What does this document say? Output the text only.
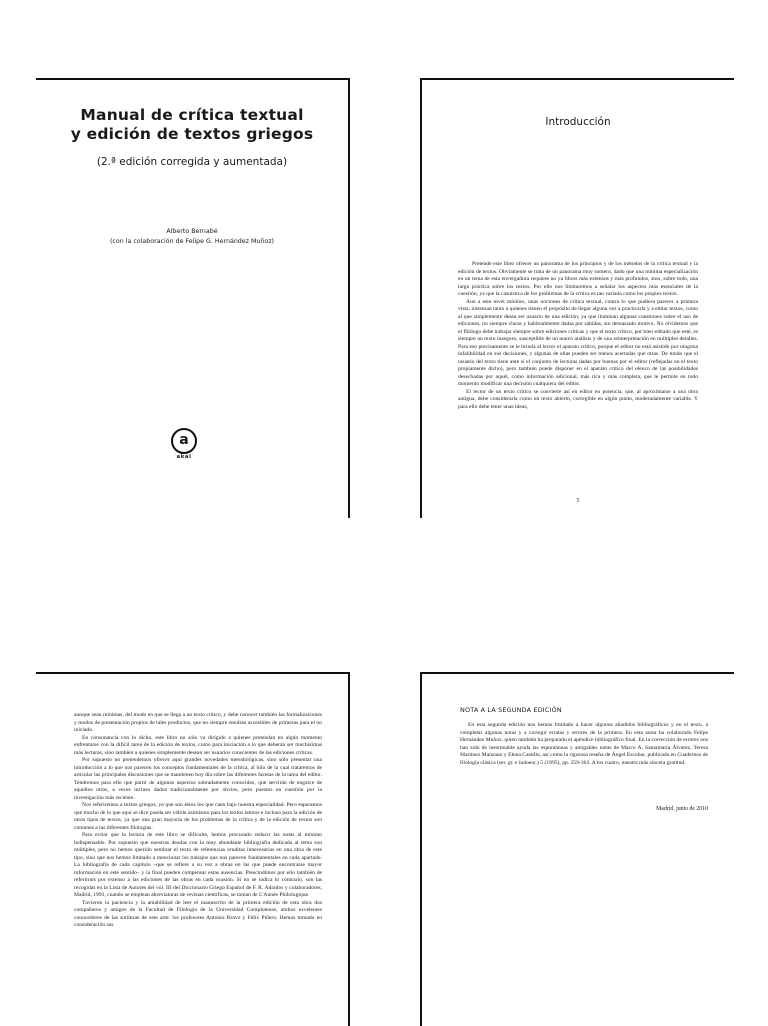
Manual de crítica textual
y edición de textos griegos
(2.ª edición corregida y aumentada)
Alberto Bernabé
(con la colaboración de Felipe G. Hernández Muñoz)
a
akal
Introducción

Pretende este libro ofrecer un panorama de los principios y de los métodos de la crítica textual y la edición de textos. Obviamente se trata de un panorama muy somero, dado que una mínima especialización en un tema de esta envergadura requiere no ya libros más extensos y más profundos, sino, sobre todo, una larga práctica sobre los textos. Por ello nos limitaremos a señalar los aspectos más esenciales de la cuestión, ya que la casuística de los problemas de la crítica es tan variada como los propios textos.

Aun a este nivel mínimo, unas nociones de crítica textual, contra lo que pudiera parecer a primera vista, interesan tanto a quienes tienen el propósito de llegar alguna vez a practicarla y a editar textos, como al que simplemente desea ser usuario de una edición, ya que iluminan algunas cuestiones sobre el uso de ediciones, no siempre claras y habitualmente dadas por sabidas, sin demasiado motivo. No olvidemos que el filólogo debe trabajar siempre sobre ediciones críticas y que el texto crítico, por bien editado que esté, es siempre un texto inseguro, susceptible de un nuevo análisis y de una reinterpretación en múltiples detalles. Para eso precisamente se le brinda al lector el aparato crítico, porque el editor no está asistido por ninguna infalibilidad en sus decisiones, y algunas de ellas pueden ser menos acertadas que otras. De modo que el usuario del texto tiene ante sí el conjunto de lecturas dadas por buenas por el editor (reflejadas en el texto propiamente dicho), pero también puede disponer en el aparato crítico del elenco de las posibilidades desechadas por aquél, como información adicional, más rica y más completa, que le permite en todo momento modificar una decisión cualquiera del editor.

El lector de un texto crítico se convierte así en editor en potencia, que, al aproximarse a una obra antigua, debe considerarla como un texto abierto, corregible en algún punto, moderadamente variable. Y para ello debe tener unas ideas,

5

aunque sean mínimas, del modo en que se llega a un texto crítico, y debe conocer también las formalizaciones y modos de presentación propios de tales productos, que no siempre resultan accesibles de primeras para el no iniciado.

En consonancia con lo dicho, este libro no sólo va dirigido a quienes pretendan en algún momento enfrentarse con la difícil tarea de la edición de textos, como para iniciación a lo que deberán ser muchísimas más lecturas, sino también a quienes simplemente desean ser usuarios conscientes de las ediciones críticas.

Por supuesto no pretendemos ofrecer aquí grandes novedades metodológicas, sino sólo presentar una introducción a lo que nos parecen los conceptos fundamentales de la crítica, al hilo de la cual trataremos de articular las principales discusiones que se mantienen hoy día sobre las diferentes facetas de la tarea del editor. Tendremos para ello que partir de algunos aspectos sobradamente conocidos, que servirán de engarce de aquellos otros, a veces incluso dados tradicionalmente por obvios, pero puestos en cuestión por la investigación más reciente.

Nos referiremos a textos griegos, ya que son éstos los que caen bajo nuestra especialidad. Pero esperamos que mucho de lo que aquí se dice pueda ser válido asimismo para los textos latinos e incluso para la edición de otros tipos de textos, ya que una gran mayoría de los problemas de la crítica y de la edición de textos son comunes a las diferentes filologías.

Para evitar que la lectura de este libro se dificulte, hemos procurado reducir las notas al mínimo indispensable. Por supuesto que nuestras deudas con la muy abundante bibliografía dedicada al tema son múltiples, pero no hemos querido sembrar el texto de referencias eruditas innecesarias en una obra de este tipo, sino que nos hemos limitado a mencionar los trabajos que nos parecen fundamentales en cada apartado. La bibliografía de cada capítulo –que se refiere a su vez a obras en las que puede encontrarse mayor información en este sentido– y la final pueden compensar estas ausencias. Prescindimos por ello también de referirnos por extenso a las ediciones de las obras en cada ocasión. Si no se indica lo contrario, son las recogidas en la Lista de Autores del vol. III del Diccionario Griego Español de F. R. Adrados y colaboradores, Madrid, 1991, cuando se emplean abreviaturas de revistas científicas, se toman de L'Année Philologique.

Tuvieron la paciencia y la amabilidad de leer el manuscrito de la primera edición de esta obra dos compañeros y amigos de la Facultad de Filología de la Universidad Complutense, ambos excelentes conocedores de las sutilezas de este arte: los profesores Antonio Bravo y Félix Piñero. Hemos tomado en consideración sus

NOTA A LA SEGUNDA EDICIÓN

En esta segunda edición nos hemos limitado a hacer algunos añadidos bibliográficos y en el texto, a completar algunas notas y a corregir erratas y errores de la primera. En esta tarea ha colaborado Felipe Hernández Muñoz, quien también ha preparado el apéndice bibliográfico final. En la corrección de errores nos han sido de inestimable ayuda las espontáneas y amigables notas de Marco A. Santamaría Álvarez, Teresa Martínez Manzano y Elena Castillo, así como la rigurosa reseña de Ángel Escobar, publicada en Cuadernos de filología clásica (ser. gr. e indoeur.) 5 (1995), pp. 359-363. A los cuatro, nuestra más sincera gratitud.

Madrid, junio de 2010
